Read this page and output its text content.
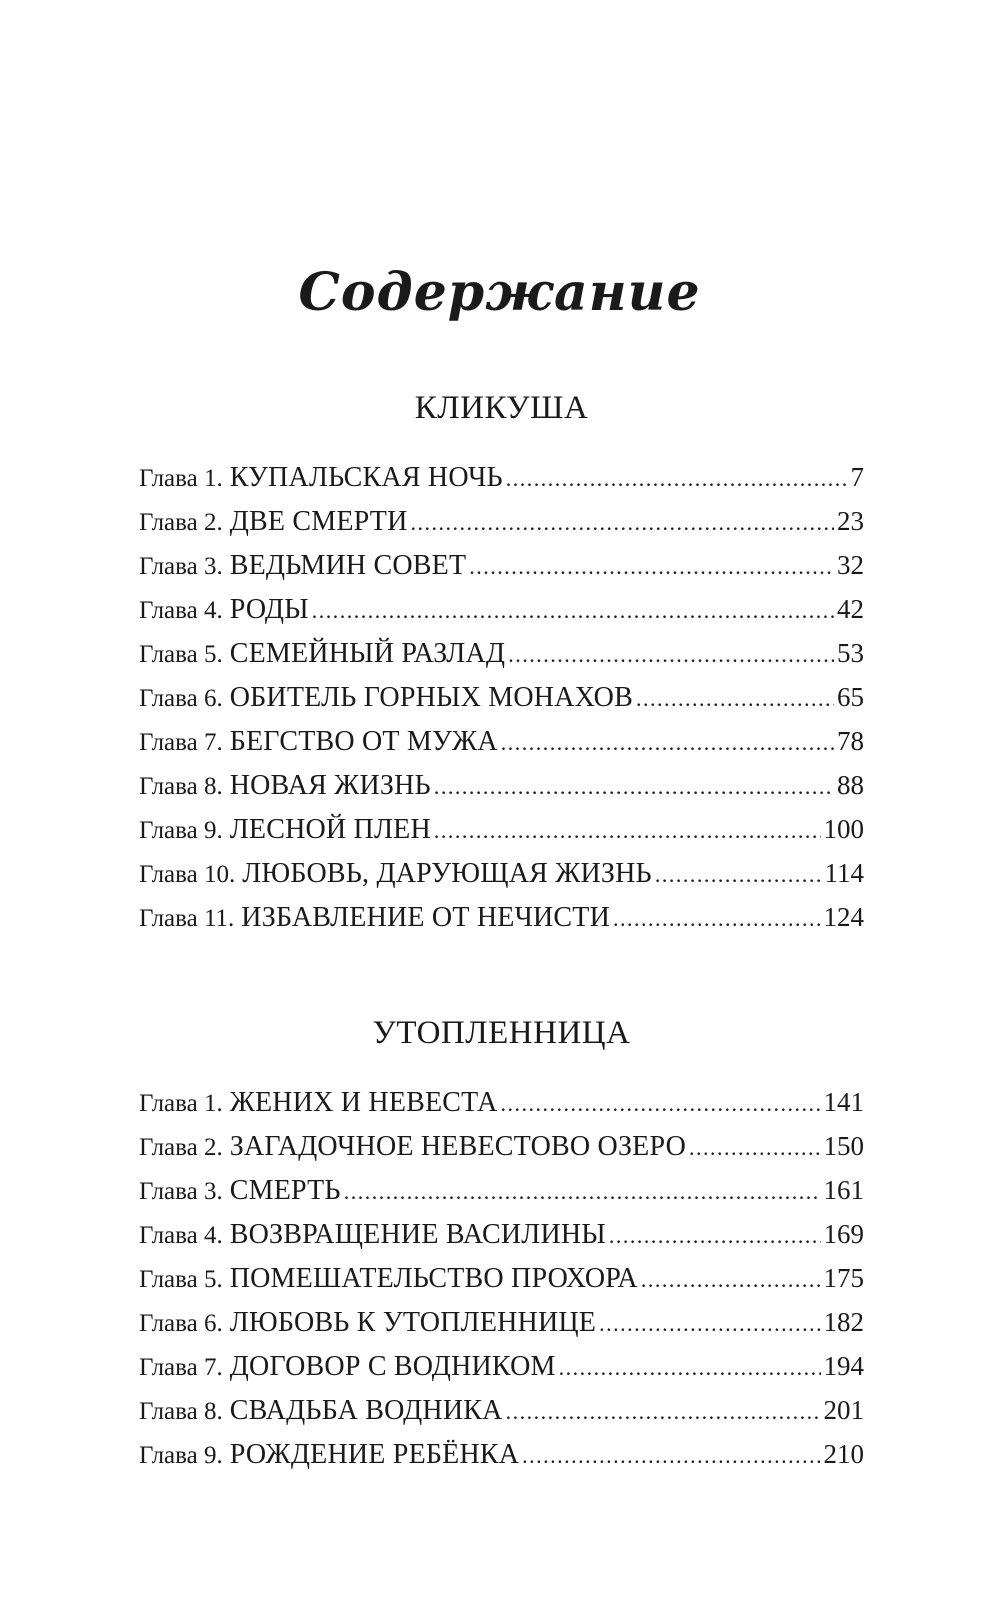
Содержание
КЛИКУША
Глава 1. КУПАЛЬСКАЯ НОЧЬ .....	7
Глава 2. ДВЕ СМЕРТИ .....	23
Глава 3. ВЕДЬМИН СОВЕТ .....	32
Глава 4. РОДЫ .....	42
Глава 5. СЕМЕЙНЫЙ РАЗЛАД .....	53
Глава 6. ОБИТЕЛЬ ГОРНЫХ МОНАХОВ .....	65
Глава 7. БЕГСТВО ОТ МУЖА .....	78
Глава 8. НОВАЯ ЖИЗНЬ .....	88
Глава 9. ЛЕСНОЙ ПЛЕН .....	100
Глава 10. ЛЮБОВЬ, ДАРУЮЩАЯ ЖИЗНЬ .....	114
Глава 11. ИЗБАВЛЕНИЕ ОТ НЕЧИСТИ .....	124
УТОПЛЕННИЦА
Глава 1. ЖЕНИХ И НЕВЕСТА .....	141
Глава 2. ЗАГАДОЧНОЕ НЕВЕСТОВО ОЗЕРО .....	150
Глава 3. СМЕРТЬ .....	161
Глава 4. ВОЗВРАЩЕНИЕ ВАСИЛИНЫ .....	169
Глава 5. ПОМЕШАТЕЛЬСТВО ПРОХОРА .....	175
Глава 6. ЛЮБОВЬ К УТОПЛЕННИЦЕ .....	182
Глава 7. ДОГОВОР С ВОДНИКОМ .....	194
Глава 8. СВАДЬБА ВОДНИКА .....	201
Глава 9. РОЖДЕНИЕ РЕБЁНКА .....	210
